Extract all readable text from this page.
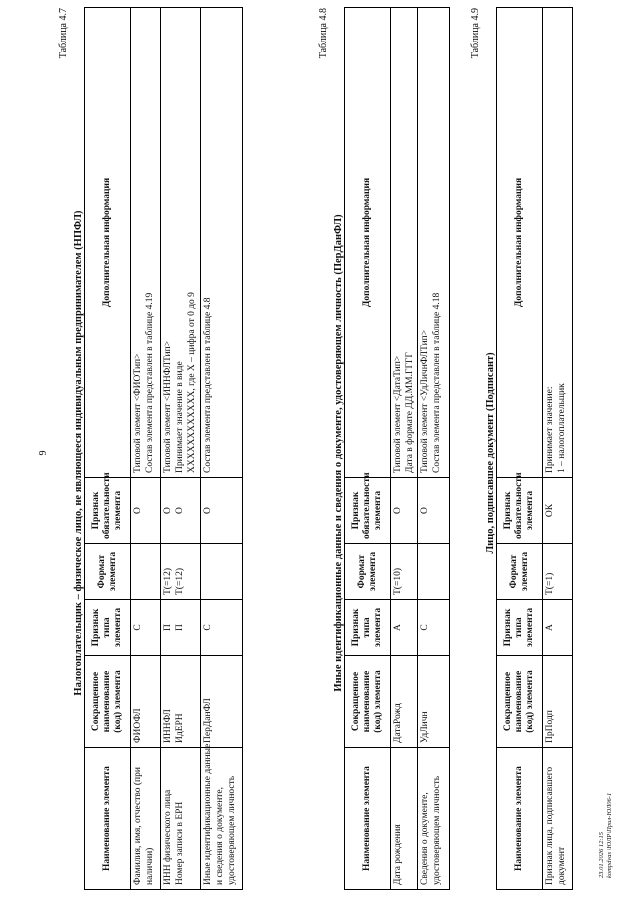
9
Таблица 4.7
Налогоплательщик – физическое лицо, не являющееся индивидуальным предпринимателем (НПФЛ)
Наименование элемента	Сокращенное наименование (код) элемента	Признак типа элемента	Формат элемента	Признак обязательности элемента	Дополнительная информация

Фамилия, имя, отчество (при наличии)	ФИОФЛ	С		О	Типовой элемент <ФИОТип> Состав элемента представлен в таблице 4.19

ИНН физического лица Номер записи в ЕРН	ИННФЛ ИдЕРН	П П	T(=12) T(=12)	О О	Типовой элемент <ИННФЛТип> Принимает значение в виде XXXXXXXXXXXX, где X – цифра от 0 до 9

Иные идентификационные данные и сведения о документе, удостоверяющем личность	ПерДанФЛ	С		О	Состав элемента представлен в таблице 4.8
Таблица 4.8
Иные идентификационные данные и сведения о документе, удостоверяющем личность (ПерДанФЛ)
Наименование элемента	Сокращенное наименование (код) элемента	Признак типа элемента	Формат элемента	Признак обязательности элемента	Дополнительная информация

Дата рождения	ДатаРожд	А	T(=10)	О	Типовой элемент <ДатаТип> Дата в формате ДД.ММ.ГГГГ

Сведения о документе, удостоверяющем личность	УдЛичн	С		О	Типовой элемент <УдЛичнФЛТип> Состав элемента представлен в таблице 4.18
Таблица 4.9
Лицо, подписавшее документ (Подписант)
Наименование элемента	Сокращенное наименование (код) элемента	Признак типа элемента	Формат элемента	Признак обязательности элемента	Дополнительная информация

Признак лица, подписавшего документ	ПрПодп	А	T(=1)	ОК	Принимает значение: 1 – налогоплательщик
23.01.2026 12:15 kompdvas \ЮЛР\Прил-ЮЛ06-1
